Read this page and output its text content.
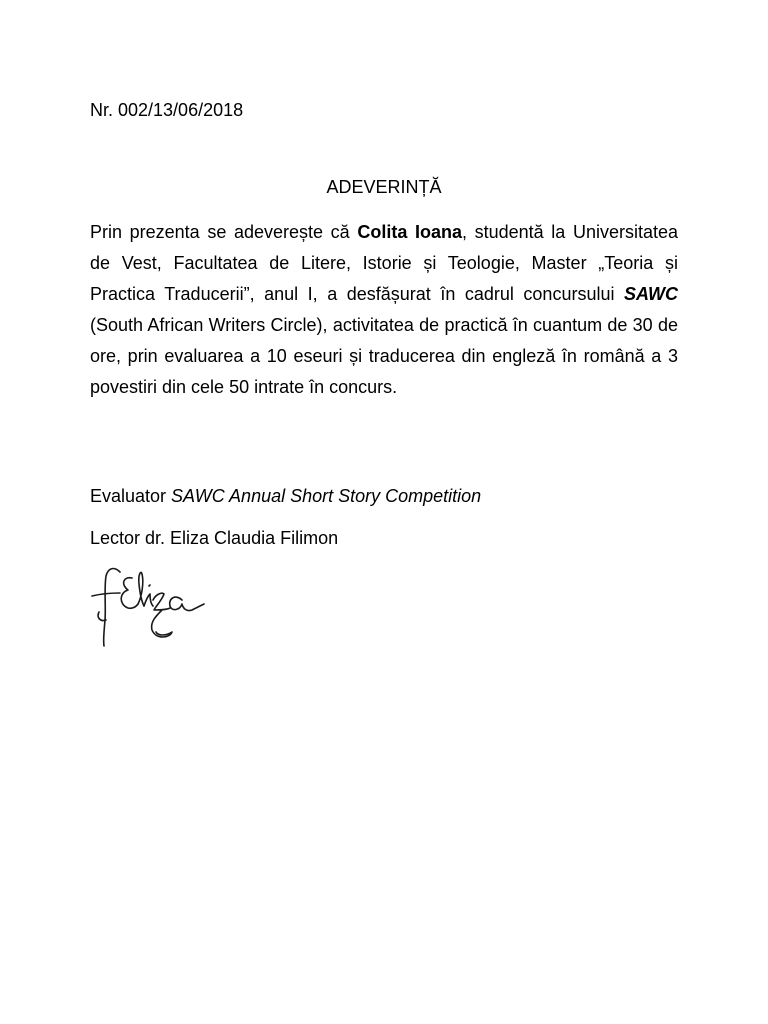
Nr. 002/13/06/2018

ADEVERINȚĂ

Prin prezenta se adeverește că Colita Ioana, studentă la Universitatea de Vest, Facultatea de Litere, Istorie și Teologie, Master „Teoria și Practica Traducerii”, anul I, a desfășurat în cadrul concursului SAWC (South African Writers Circle), activitatea de practică în cuantum de 30 de ore, prin evaluarea a 10 eseuri și traducerea din engleză în română a 3 povestiri din cele 50 intrate în concurs.

Evaluator SAWC Annual Short Story Competition

Lector dr. Eliza Claudia Filimon
